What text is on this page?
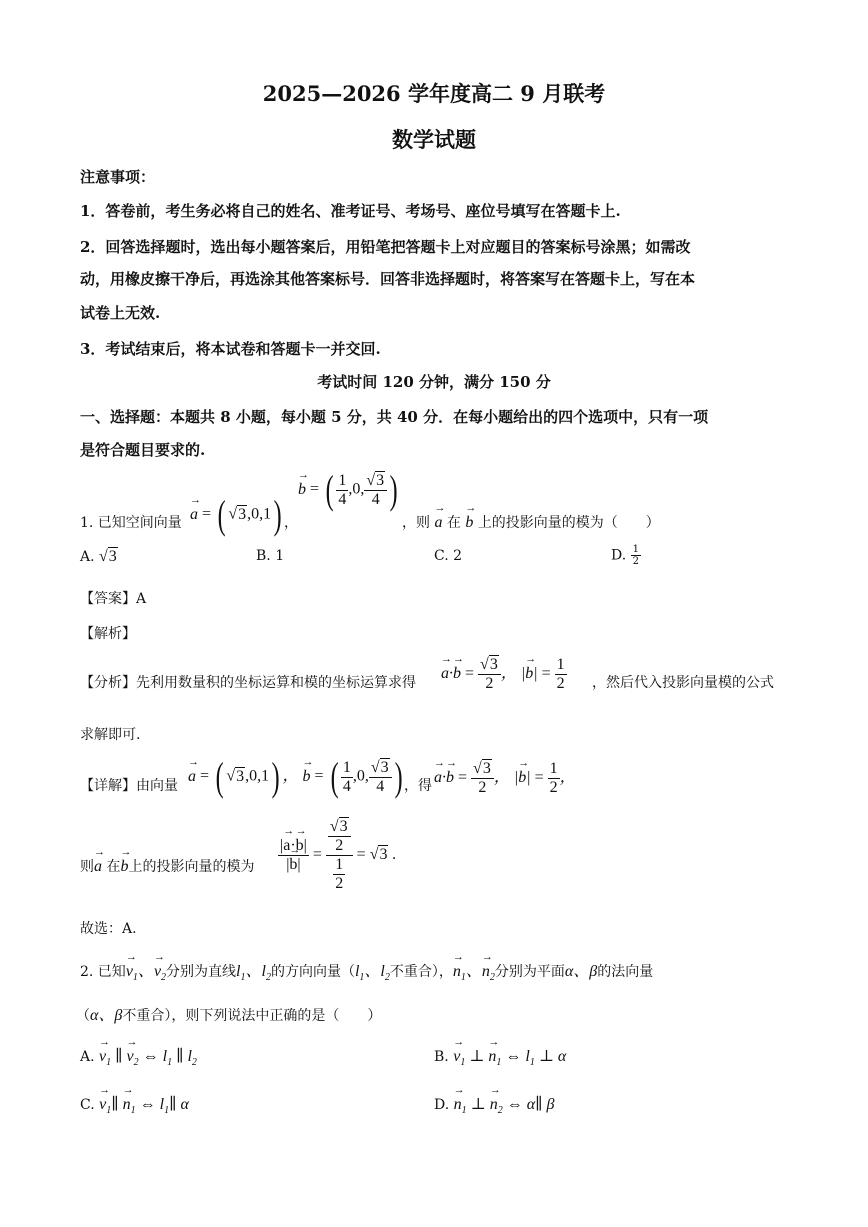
2025—2026 学年度高二 9 月联考
数学试题
注意事项：
1．答卷前，考生务必将自己的姓名、准考证号、考场号、座位号填写在答题卡上.
2．回答选择题时，选出每小题答案后，用铅笔把答题卡上对应题目的答案标号涂黑；如需改
动，用橡皮擦干净后，再选涂其他答案标号．回答非选择题时，将答案写在答题卡上，写在本
试卷上无效.
3．考试结束后，将本试卷和答题卡一并交回.
考试时间 120 分钟，满分 150 分
一、选择题：本题共 8 小题，每小题 5 分，共 40 分．在每小题给出的四个选项中，只有一项
是符合题目要求的.
1. 已知空间向量
→ a = ( √3,0,1) ，
→ b = ( $\frac{1}{4} ,0$, $\frac{√3}{4}$ )
，则 → a 在 → b 上的投影向量的模为（　　）
A. √3	B. 1	C. 2	D. $\frac{1}{2}$
【答案】A
【解析】
【分析】先利用数量积的坐标运算和模的坐标运算求得
→ $a\cdot\to b = \frac{√3}{2}$ ， |→ $b| = \frac{1}{2}$ ，然后代入投影向量模的公式
求解即可.
【详解】由向量
→ a = ( √3,0,1) ， → b = ( $\frac{1}{4} ,0$, $\frac{√3}{4}$ ) ，得 → $a\cdot\to b = \frac{√3}{2}$ ， |→ $b| = \frac{1}{2}$ ，
则→ a 在→ b上的投影向量的模为 $\frac{|\to a\cdot\to b|}{|\to b|} = \frac{\frac{√3}{2}}{\frac{1}{2}} = √3$ .
故选：A.
2. 已知→ $v_1$、→ $v_2$分别为直线$l_1$、$l_2$的方向向量（$l_1$、$l_2$不重合），→ $n_1$、→ $n_2$分别为平面α、β的法向量
（α、β不重合），则下列说法中正确的是（　　）
A. → $v_1$ ∥ → $v_2$ ⇔ $l_1$ ∥ $l_2$	B. → $v_1$ ⊥ → $n_1$ ⇔ $l_1$ ⊥ α
C. → $v_1\parallel \to n_1$ ⇔ $l_1\parallel$ α	D. → $n_1$ ⊥ → $n_2$ ⇔ α∥ β
